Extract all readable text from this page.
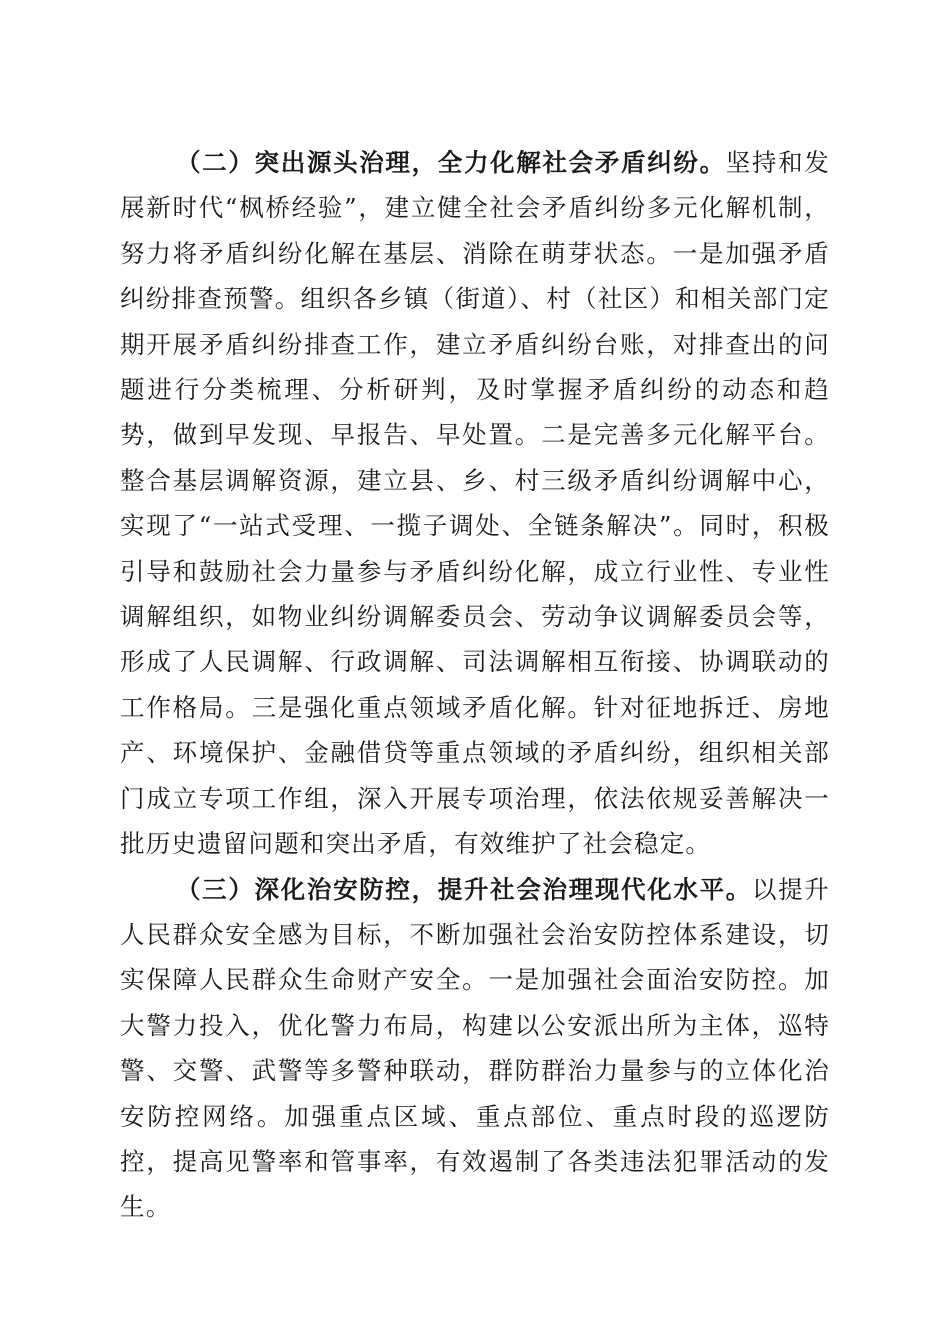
（二）突出源头治理，全力化解社会矛盾纠纷。坚持和发展新时代“枫桥经验”，建立健全社会矛盾纠纷多元化解机制，努力将矛盾纠纷化解在基层、消除在萌芽状态。一是加强矛盾纠纷排查预警。组织各乡镇（街道）、村（社区）和相关部门定期开展矛盾纠纷排查工作，建立矛盾纠纷台账，对排查出的问题进行分类梳理、分析研判，及时掌握矛盾纠纷的动态和趋势，做到早发现、早报告、早处置。二是完善多元化解平台。整合基层调解资源，建立县、乡、村三级矛盾纠纷调解中心，实现了“一站式受理、一揽子调处、全链条解决”。同时，积极引导和鼓励社会力量参与矛盾纠纷化解，成立行业性、专业性调解组织，如物业纠纷调解委员会、劳动争议调解委员会等，形成了人民调解、行政调解、司法调解相互衔接、协调联动的工作格局。三是强化重点领域矛盾化解。针对征地拆迁、房地产、环境保护、金融借贷等重点领域的矛盾纠纷，组织相关部门成立专项工作组，深入开展专项治理，依法依规妥善解决一批历史遗留问题和突出矛盾，有效维护了社会稳定。

（三）深化治安防控，提升社会治理现代化水平。以提升人民群众安全感为目标，不断加强社会治安防控体系建设，切实保障人民群众生命财产安全。一是加强社会面治安防控。加大警力投入，优化警力布局，构建以公安派出所为主体，巡特警、交警、武警等多警种联动，群防群治力量参与的立体化治安防控网络。加强重点区域、重点部位、重点时段的巡逻防控，提高见警率和管事率，有效遏制了各类违法犯罪活动的发生。
